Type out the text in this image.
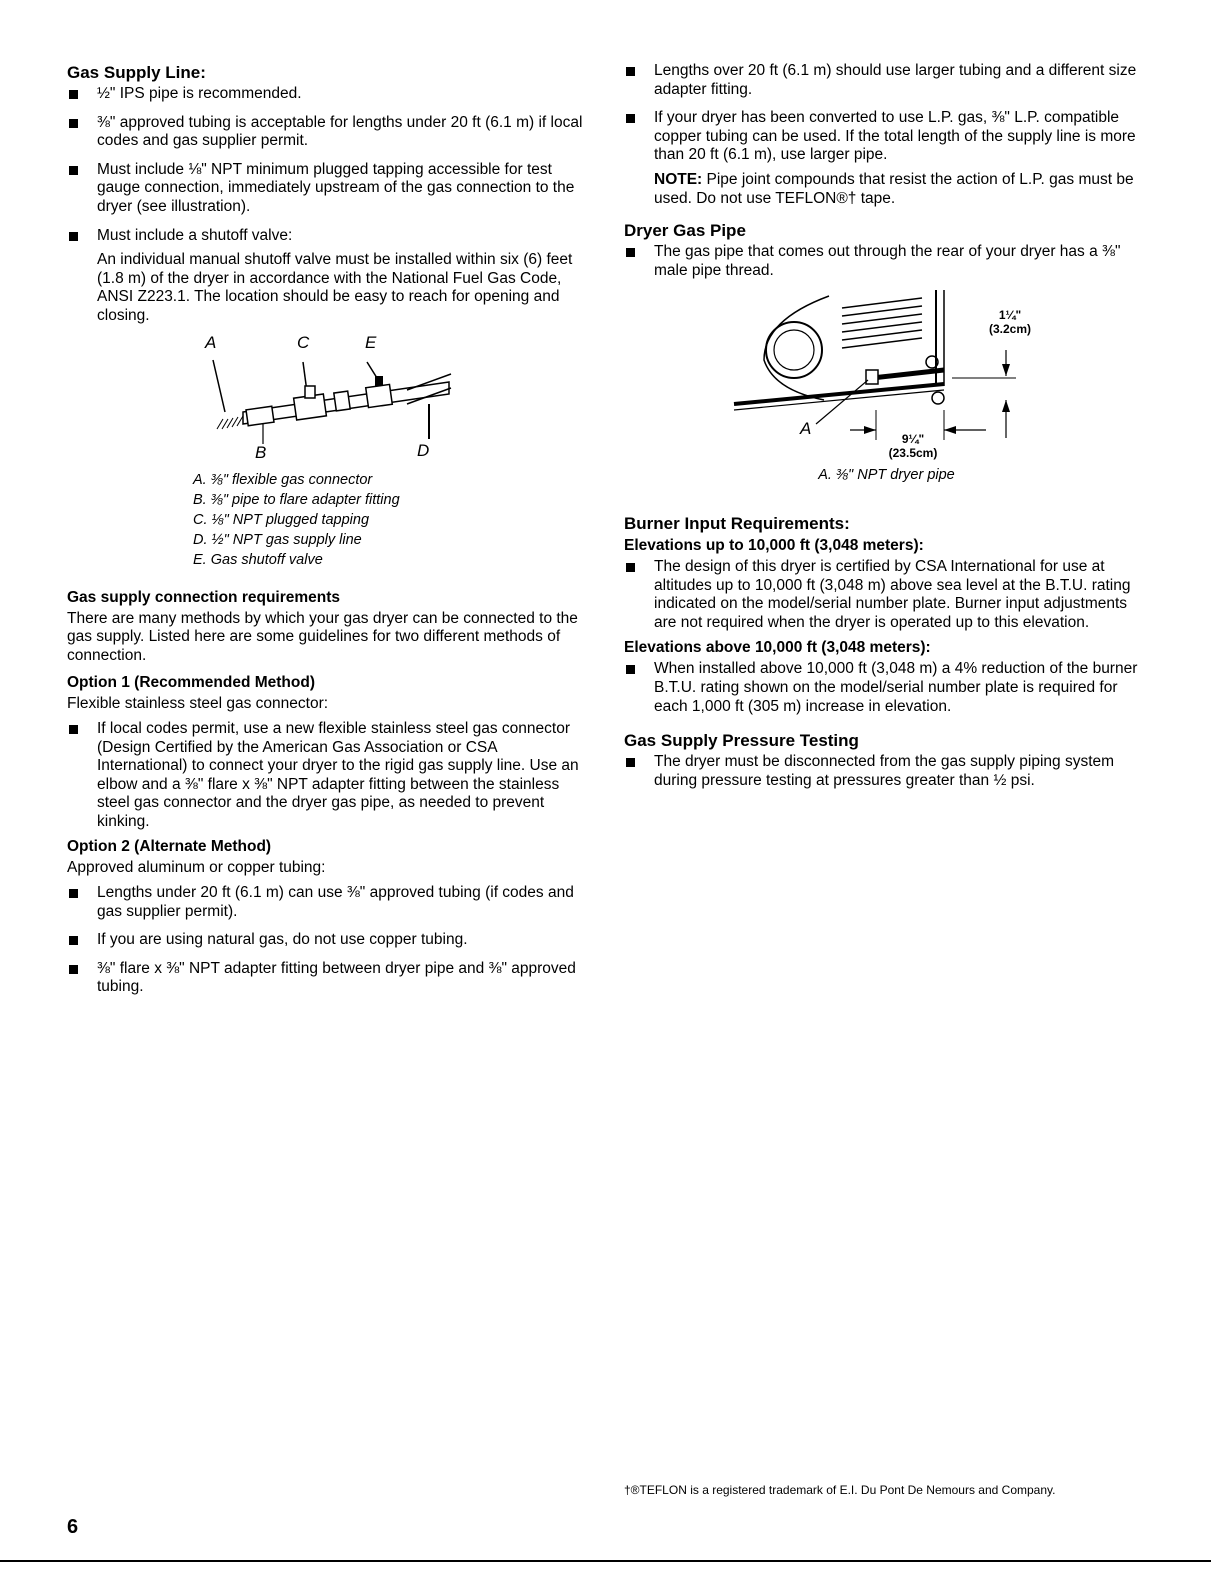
Gas Supply Line:
½" IPS pipe is recommended.
⅜" approved tubing is acceptable for lengths under 20 ft (6.1 m) if local codes and gas supplier permit.
Must include ⅛" NPT minimum plugged tapping accessible for test gauge connection, immediately upstream of the gas connection to the dryer (see illustration).
Must include a shutoff valve:

An individual manual shutoff valve must be installed within six (6) feet (1.8 m) of the dryer in accordance with the National Fuel Gas Code, ANSI Z223.1. The location should be easy to reach for opening and closing.

A	C	E
B	D
A. ⅜" flexible gas connector
B. ⅜" pipe to flare adapter fitting
C. ⅛" NPT plugged tapping
D. ½" NPT gas supply line
E. Gas shutoff valve
Gas supply connection requirements

There are many methods by which your gas dryer can be connected to the gas supply. Listed here are some guidelines for two different methods of connection.

Option 1 (Recommended Method)

Flexible stainless steel gas connector:

If local codes permit, use a new flexible stainless steel gas connector (Design Certified by the American Gas Association or CSA International) to connect your dryer to the rigid gas supply line. Use an elbow and a ⅜" flare x ⅜" NPT adapter fitting between the stainless steel gas connector and the dryer gas pipe, as needed to prevent kinking.
Option 2 (Alternate Method)

Approved aluminum or copper tubing:

Lengths under 20 ft (6.1 m) can use ⅜" approved tubing (if codes and gas supplier permit).
If you are using natural gas, do not use copper tubing.
⅜" flare x ⅜" NPT adapter fitting between dryer pipe and ⅜" approved tubing.
Lengths over 20 ft (6.1 m) should use larger tubing and a different size adapter fitting.
If your dryer has been converted to use L.P. gas, ⅜" L.P. compatible copper tubing can be used. If the total length of the supply line is more than 20 ft (6.1 m), use larger pipe.

NOTE: Pipe joint compounds that resist the action of L.P. gas must be used. Do not use TEFLON®† tape.

Dryer Gas Pipe
The gas pipe that comes out through the rear of your dryer has a ⅜" male pipe thread.
A
1¼"
(3.2cm)
9¼"
(23.5cm)
A. ⅜" NPT dryer pipe
Burner Input Requirements:
Elevations up to 10,000 ft (3,048 meters):
The design of this dryer is certified by CSA International for use at altitudes up to 10,000 ft (3,048 m) above sea level at the B.T.U. rating indicated on the model/serial number plate. Burner input adjustments are not required when the dryer is operated up to this elevation.
Elevations above 10,000 ft (3,048 meters):
When installed above 10,000 ft (3,048 m) a 4% reduction of the burner B.T.U. rating shown on the model/serial number plate is required for each 1,000 ft (305 m) increase in elevation.
Gas Supply Pressure Testing
The dryer must be disconnected from the gas supply piping system during pressure testing at pressures greater than ½ psi.
†®TEFLON is a registered trademark of E.I. Du Pont De Nemours and Company.
6
